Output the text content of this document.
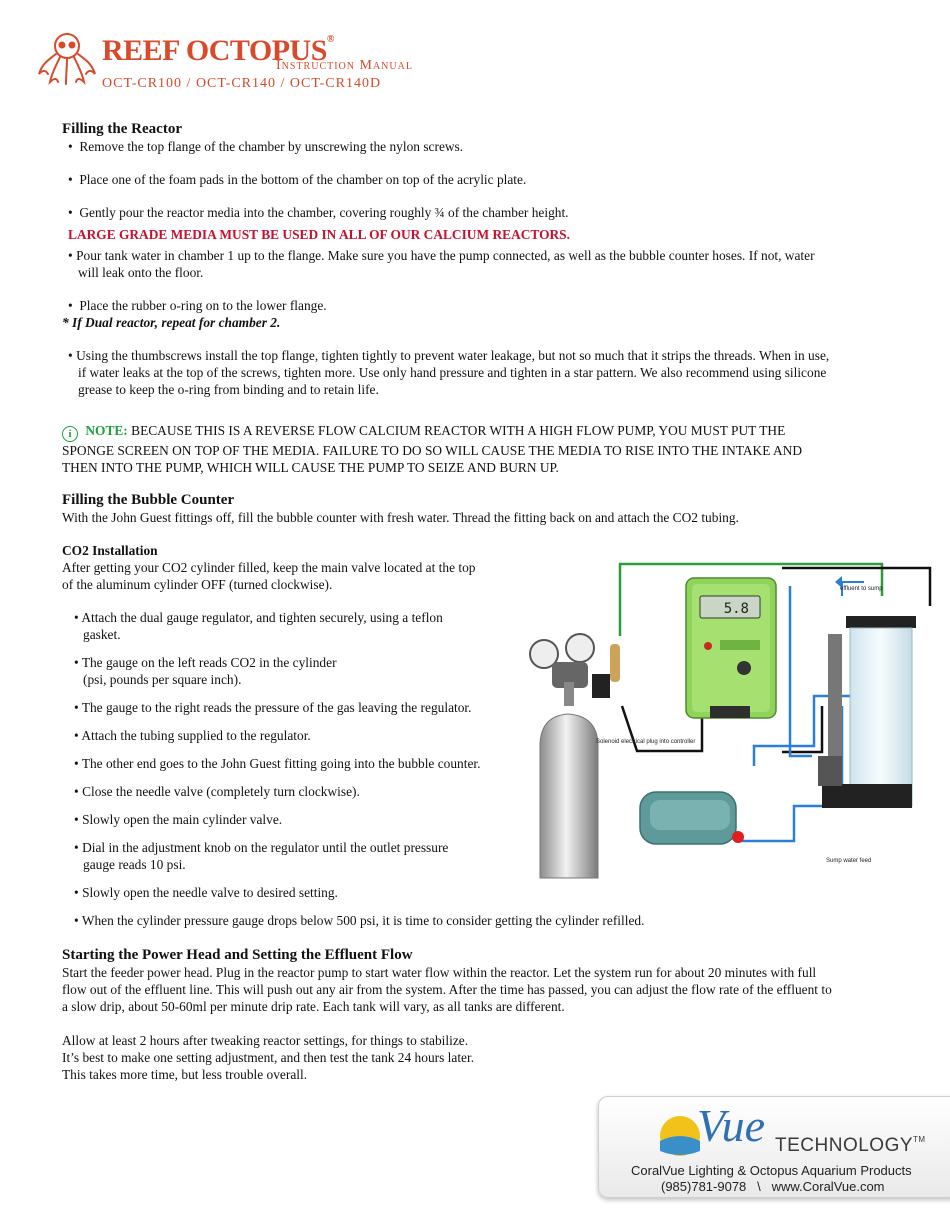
REEF OCTOPUS®
Instruction Manual
OCT-CR100 / OCT-CR140 / OCT-CR140D
Filling the Reactor
• Remove the top flange of the chamber by unscrewing the nylon screws.
• Place one of the foam pads in the bottom of the chamber on top of the acrylic plate.
• Gently pour the reactor media into the chamber, covering roughly ¾ of the chamber height.
LARGE GRADE MEDIA MUST BE USED IN ALL OF OUR CALCIUM REACTORS.
• Pour tank water in chamber 1 up to the flange. Make sure you have the pump connected, as well as the bubble counter hoses. If not, water
will leak onto the floor.
• Place the rubber o-ring on to the lower flange.
* If Dual reactor, repeat for chamber 2.
• Using the thumbscrews install the top flange, tighten tightly to prevent water leakage, but not so much that it strips the threads. When in use,
if water leaks at the top of the screws, tighten more. Use only hand pressure and tighten in a star pattern. We also recommend using silicone
grease to keep the o-ring from binding and to retain life.
i NOTE: BECAUSE THIS IS A REVERSE FLOW CALCIUM REACTOR WITH A HIGH FLOW PUMP, YOU MUST PUT THE
SPONGE SCREEN ON TOP OF THE MEDIA. FAILURE TO DO SO WILL CAUSE THE MEDIA TO RISE INTO THE INTAKE AND
THEN INTO THE PUMP, WHICH WILL CAUSE THE PUMP TO SEIZE AND BURN UP.
Filling the Bubble Counter
With the John Guest fittings off, fill the bubble counter with fresh water. Thread the fitting back on and attach the CO2 tubing.
CO2 Installation
After getting your CO2 cylinder filled, keep the main valve located at the top
of the aluminum cylinder OFF (turned clockwise).
• Attach the dual gauge regulator, and tighten securely, using a teflon
gasket.
• The gauge on the left reads CO2 in the cylinder
(psi, pounds per square inch).
• The gauge to the right reads the pressure of the gas leaving the regulator.
• Attach the tubing supplied to the regulator.
• The other end goes to the John Guest fitting going into the bubble counter.
• Close the needle valve (completely turn clockwise).
• Slowly open the main cylinder valve.
• Dial in the adjustment knob on the regulator until the outlet pressure
gauge reads 10 psi.
• Slowly open the needle valve to desired setting.
• When the cylinder pressure gauge drops below 500 psi, it is time to consider getting the cylinder refilled.
effluent to sump
5.8
Solenoid electrical plug into controller
Sump water feed
Starting the Power Head and Setting the Effluent Flow
Start the feeder power head. Plug in the reactor pump to start water flow within the reactor. Let the system run for about 20 minutes with full
flow out of the effluent line. This will push out any air from the system. After the time has passed, you can adjust the flow rate of the effluent to
a slow drip, about 50-60ml per minute drip rate. Each tank will vary, as all tanks are different.
Allow at least 2 hours after tweaking reactor settings, for things to stabilize.
It’s best to make one setting adjustment, and then test the tank 24 hours later.
This takes more time, but less trouble overall.
Vue TECHNOLOGY™
CoralVue Lighting & Octopus Aquarium Products
(985)781-9078   \   www.CoralVue.com
